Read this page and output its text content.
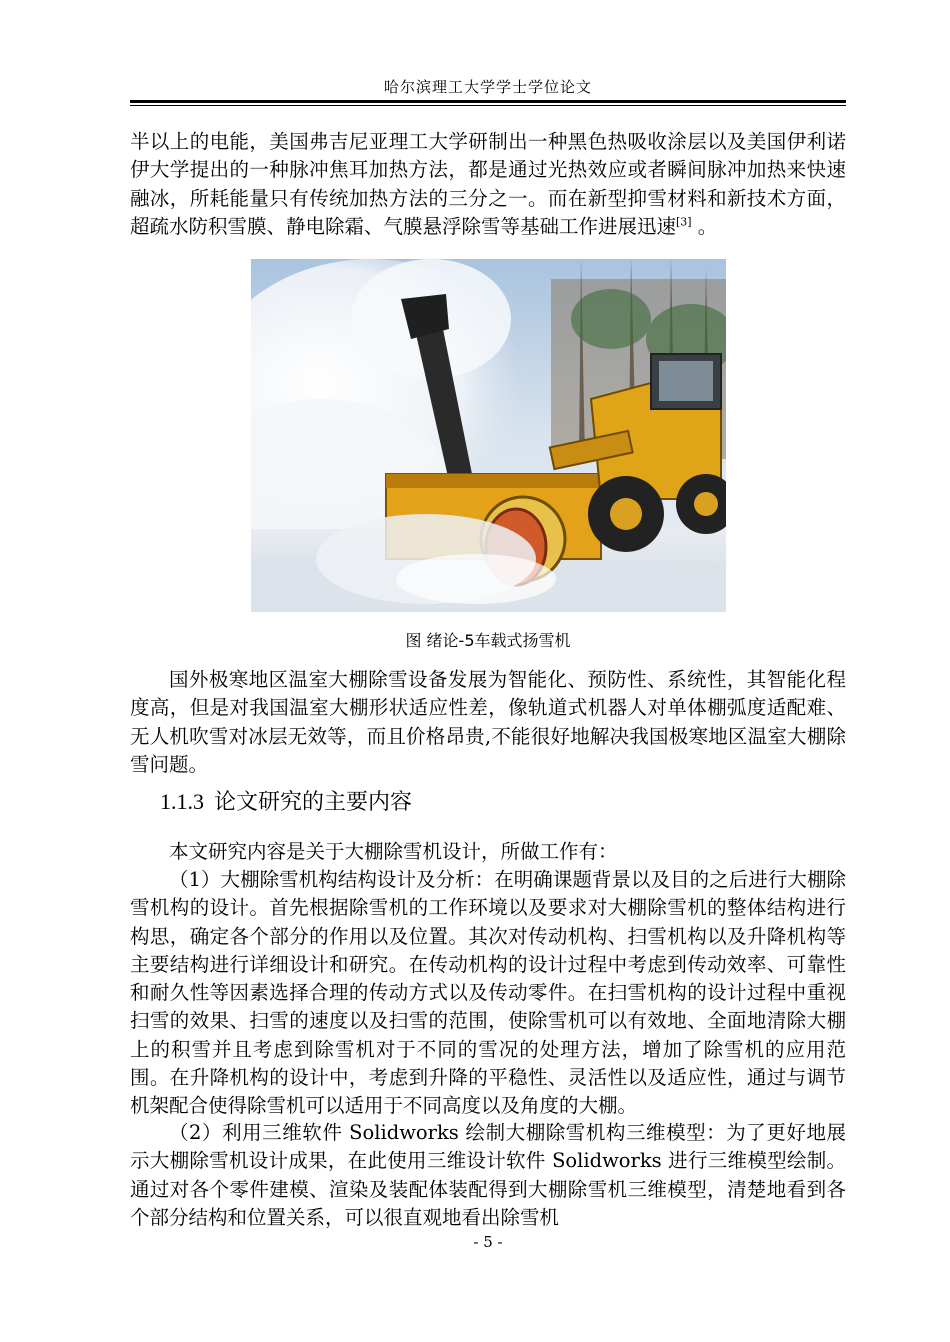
哈尔滨理工大学学士学位论文
半以上的电能，美国弗吉尼亚理工大学研制出一种黑色热吸收涂层以及美国伊利诺伊大学提出的一种脉冲焦耳加热方法，都是通过光热效应或者瞬间脉冲加热来快速融冰，所耗能量只有传统加热方法的三分之一。而在新型抑雪材料和新技术方面，超疏水防积雪膜、静电除霜、气膜悬浮除雪等基础工作进展迅速[3] 。
图 绪论-5车载式扬雪机
国外极寒地区温室大棚除雪设备发展为智能化、预防性、系统性，其智能化程度高，但是对我国温室大棚形状适应性差，像轨道式机器人对单体棚弧度适配难、无人机吹雪对冰层无效等，而且价格昂贵,不能很好地解决我国极寒地区温室大棚除雪问题。
1.1.3 论文研究的主要内容
本文研究内容是关于大棚除雪机设计，所做工作有：
（1）大棚除雪机构结构设计及分析：在明确课题背景以及目的之后进行大棚除雪机构的设计。首先根据除雪机的工作环境以及要求对大棚除雪机的整体结构进行构思，确定各个部分的作用以及位置。其次对传动机构、扫雪机构以及升降机构等主要结构进行详细设计和研究。在传动机构的设计过程中考虑到传动效率、可靠性和耐久性等因素选择合理的传动方式以及传动零件。在扫雪机构的设计过程中重视扫雪的效果、扫雪的速度以及扫雪的范围，使除雪机可以有效地、全面地清除大棚上的积雪并且考虑到除雪机对于不同的雪况的处理方法，增加了除雪机的应用范围。在升降机构的设计中，考虑到升降的平稳性、灵活性以及适应性，通过与调节机架配合使得除雪机可以适用于不同高度以及角度的大棚。
（2）利用三维软件 Solidworks 绘制大棚除雪机构三维模型：为了更好地展示大棚除雪机设计成果，在此使用三维设计软件 Solidworks 进行三维模型绘制。通过对各个零件建模、渲染及装配体装配得到大棚除雪机三维模型，清楚地看到各个部分结构和位置关系，可以很直观地看出除雪机
- 5 -
